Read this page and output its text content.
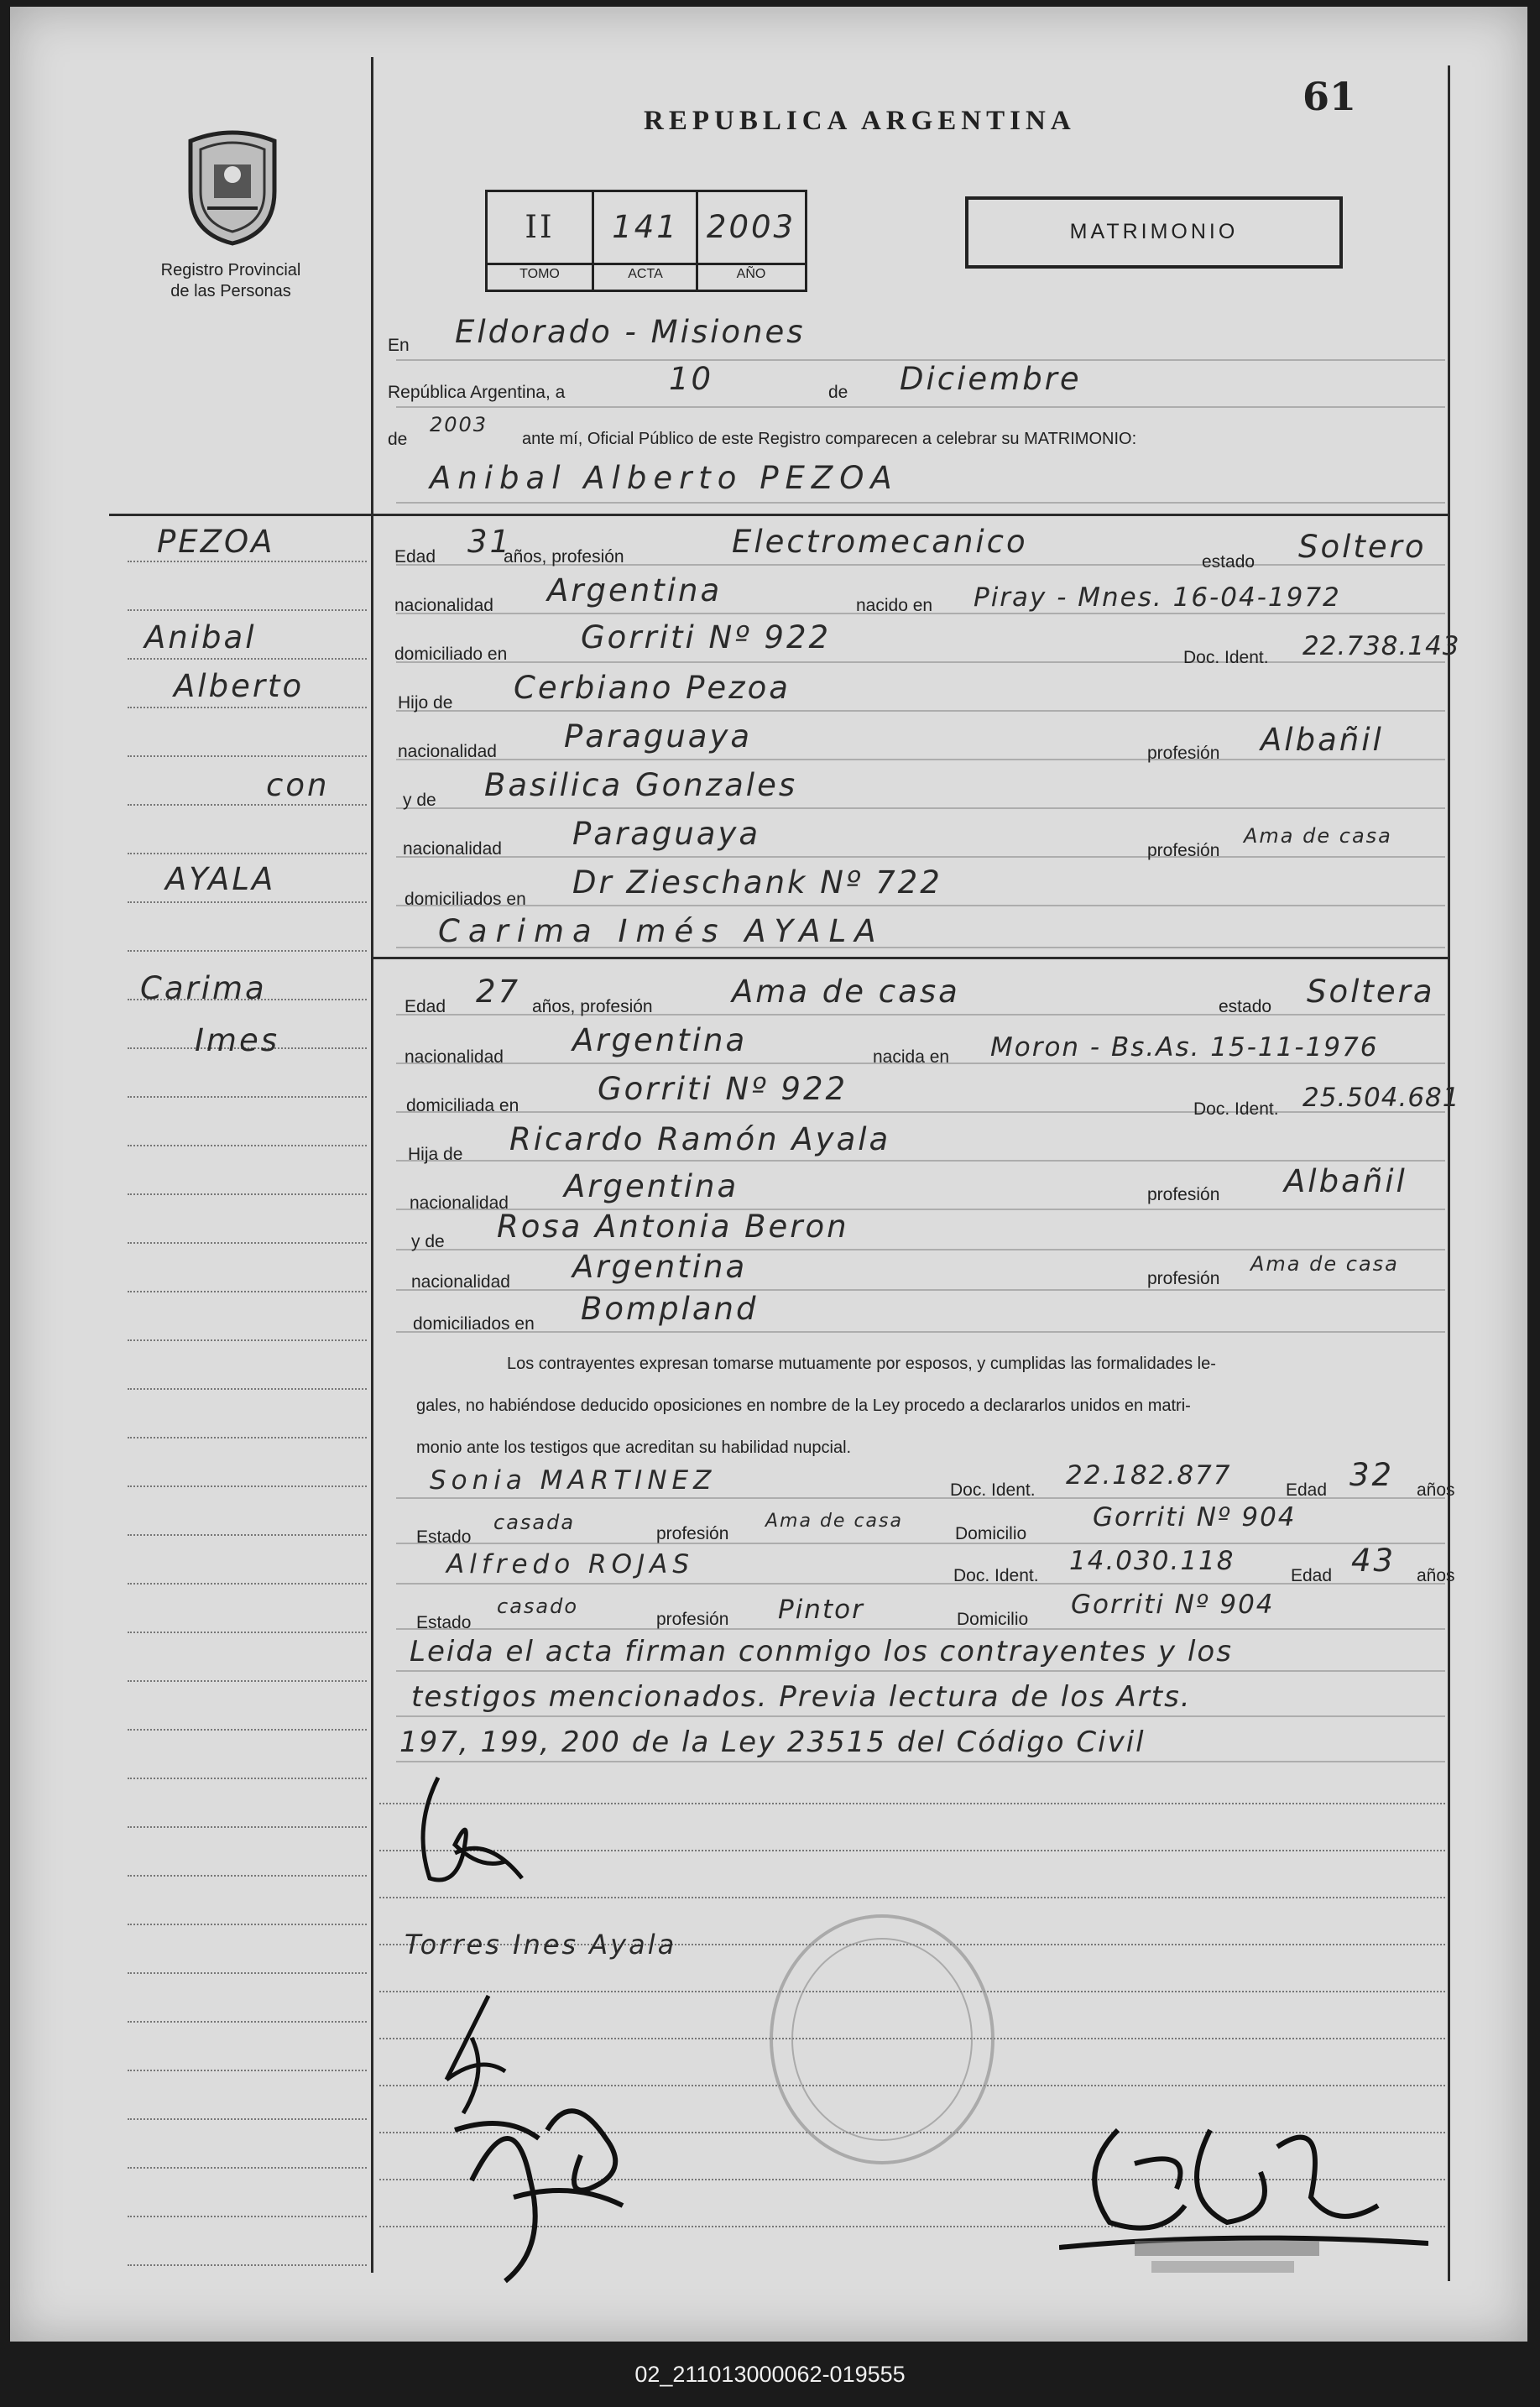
61
REPUBLICA ARGENTINA
Registro Provincial
de las Personas
II	141 2003
TOMO	ACTA	AÑO
MATRIMONIO
En Eldorado - Misiones
República Argentina, a	10	de Diciembre
de
2003
ante mí, Oficial Público de este Registro comparecen a celebrar su MATRIMONIO:
Anibal Alberto PEZOA
PEZOA
Anibal
Alberto
con
AYALA
Carima
Imes
Edad 31
años, profesión	Electromecanico
estado Soltero
nacionalidad Argentina	nacido en Piray - Mnes. 16-04-1972
domiciliado en Gorriti Nº 922
Doc. Ident. 22.738.143
Hijo de Cerbiano Pezoa
nacionalidad Paraguaya	profesión Albañil
y de Basilica Gonzales
nacionalidad Paraguaya	profesión
Ama de casa
domiciliados en Dr Zieschank Nº 722
Carima Imés AYALA
Edad 27 años, profesión	Ama de casa	estado Soltera
nacionalidad Argentina	nacida en Moron - Bs.As. 15-11-1976
domiciliada en	Gorriti Nº 922
Doc. Ident. 25.504.681
Hija de Ricardo Ramón Ayala
nacionalidad Argentina	profesión Albañil
y de Rosa Antonia Beron
nacionalidad Argentina	profesión
Ama de casa
domiciliados en Bompland
Los contrayentes expresan tomarse mutuamente por esposos, y cumplidas las formalidades le-
gales, no habiéndose deducido oposiciones en nombre de la Ley procedo a declararlos unidos en matri-
monio ante los testigos que acreditan su habilidad nupcial.
Sonia MARTINEZ	Doc. Ident. 22.182.877	Edad 32 años
Estado
casada	profesión
Ama de casa
Domicilio
Gorriti Nº 904
Alfredo ROJAS	Doc. Ident. 14.030.118	Edad 43 años
Estado
casado
profesión Pintor	Domicilio Gorriti Nº 904
Leida el acta firman conmigo los contrayentes y los
testigos mencionados. Previa lectura de los Arts.
197, 199, 200 de la Ley 23515 del Código Civil
Torres Ines Ayala
02_211013000062-019555
